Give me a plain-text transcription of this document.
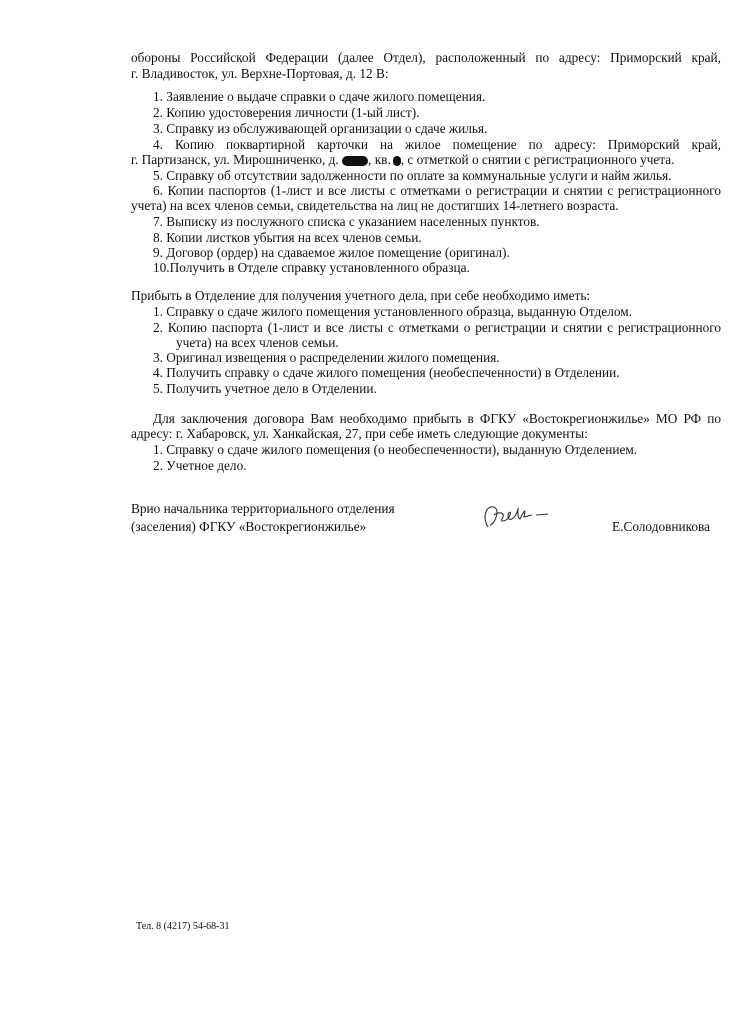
обороны Российской Федерации (далее Отдел), расположенный по адресу: Приморский край,
г. Владивосток, ул. Верхне-Портовая, д. 12 В:
1. Заявление о выдаче справки о сдаче жилого помещения.
2. Копию удостоверения личности (1-ый лист).
3. Справку из обслуживающей организации о сдаче жилья.
4. Копию поквартирной карточки на жилое помещение по адресу: Приморский край,
г. Партизанск, ул. Мирошниченко, д. , кв. , с отметкой о снятии с регистрационного учета.
5. Справку об отсутствии задолженности по оплате за коммунальные услуги и найм жилья.
6. Копии паспортов (1-лист и все листы с отметками о регистрации и снятии с регистрационного
учета) на всех членов семьи, свидетельства на лиц не достигших 14-летнего возраста.
7. Выписку из послужного списка с указанием населенных пунктов.
8. Копии листков убытия на всех членов семьи.
9. Договор (ордер) на сдаваемое жилое помещение (оригинал).
10.Получить в Отделе справку установленного образца.
Прибыть в Отделение для получения учетного дела, при себе необходимо иметь:
1. Справку о сдаче жилого помещения установленного образца, выданную Отделом.
2. Копию паспорта (1-лист и все листы с отметками о регистрации и снятии с регистрационного
учета) на всех членов семьи.
3. Оригинал извещения о распределении жилого помещения.
4. Получить справку о сдаче жилого помещения (необеспеченности) в Отделении.
5. Получить учетное дело в Отделении.
Для заключения договора Вам необходимо прибыть в ФГКУ «Востокрегионжилье» МО РФ по
адресу: г. Хабаровск, ул. Ханкайская, 27, при себе иметь следующие документы:
1. Справку о сдаче жилого помещения (о необеспеченности), выданную Отделением.
2. Учетное дело.
Врио начальника территориального отделения
(заселения) ФГКУ «Востокрегионжилье»	Е.Солодовникова
Тел. 8 (4217) 54-68-31
